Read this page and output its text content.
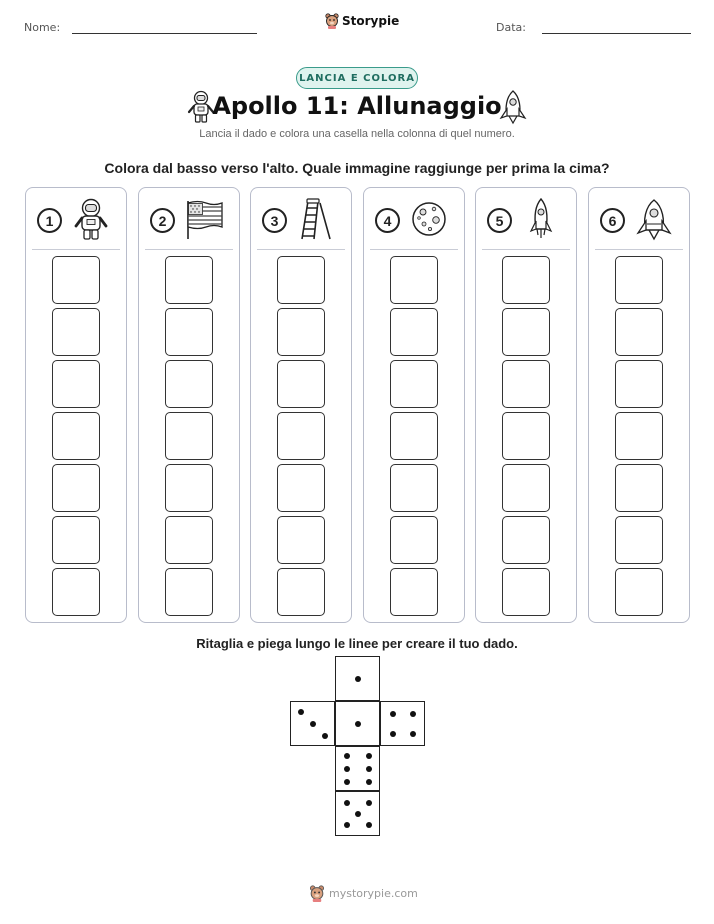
Nome:	Storypie	Data:
LANCIA E COLORA
Apollo 11: Allunaggio
Lancia il dado e colora una casella nella colonna di quel numero.
Colora dal basso verso l'alto. Quale immagine raggiunge per prima la cima?
1	2	3	4	5	6
Ritaglia e piega lungo le linee per creare il tuo dado.
mystorypie.com
